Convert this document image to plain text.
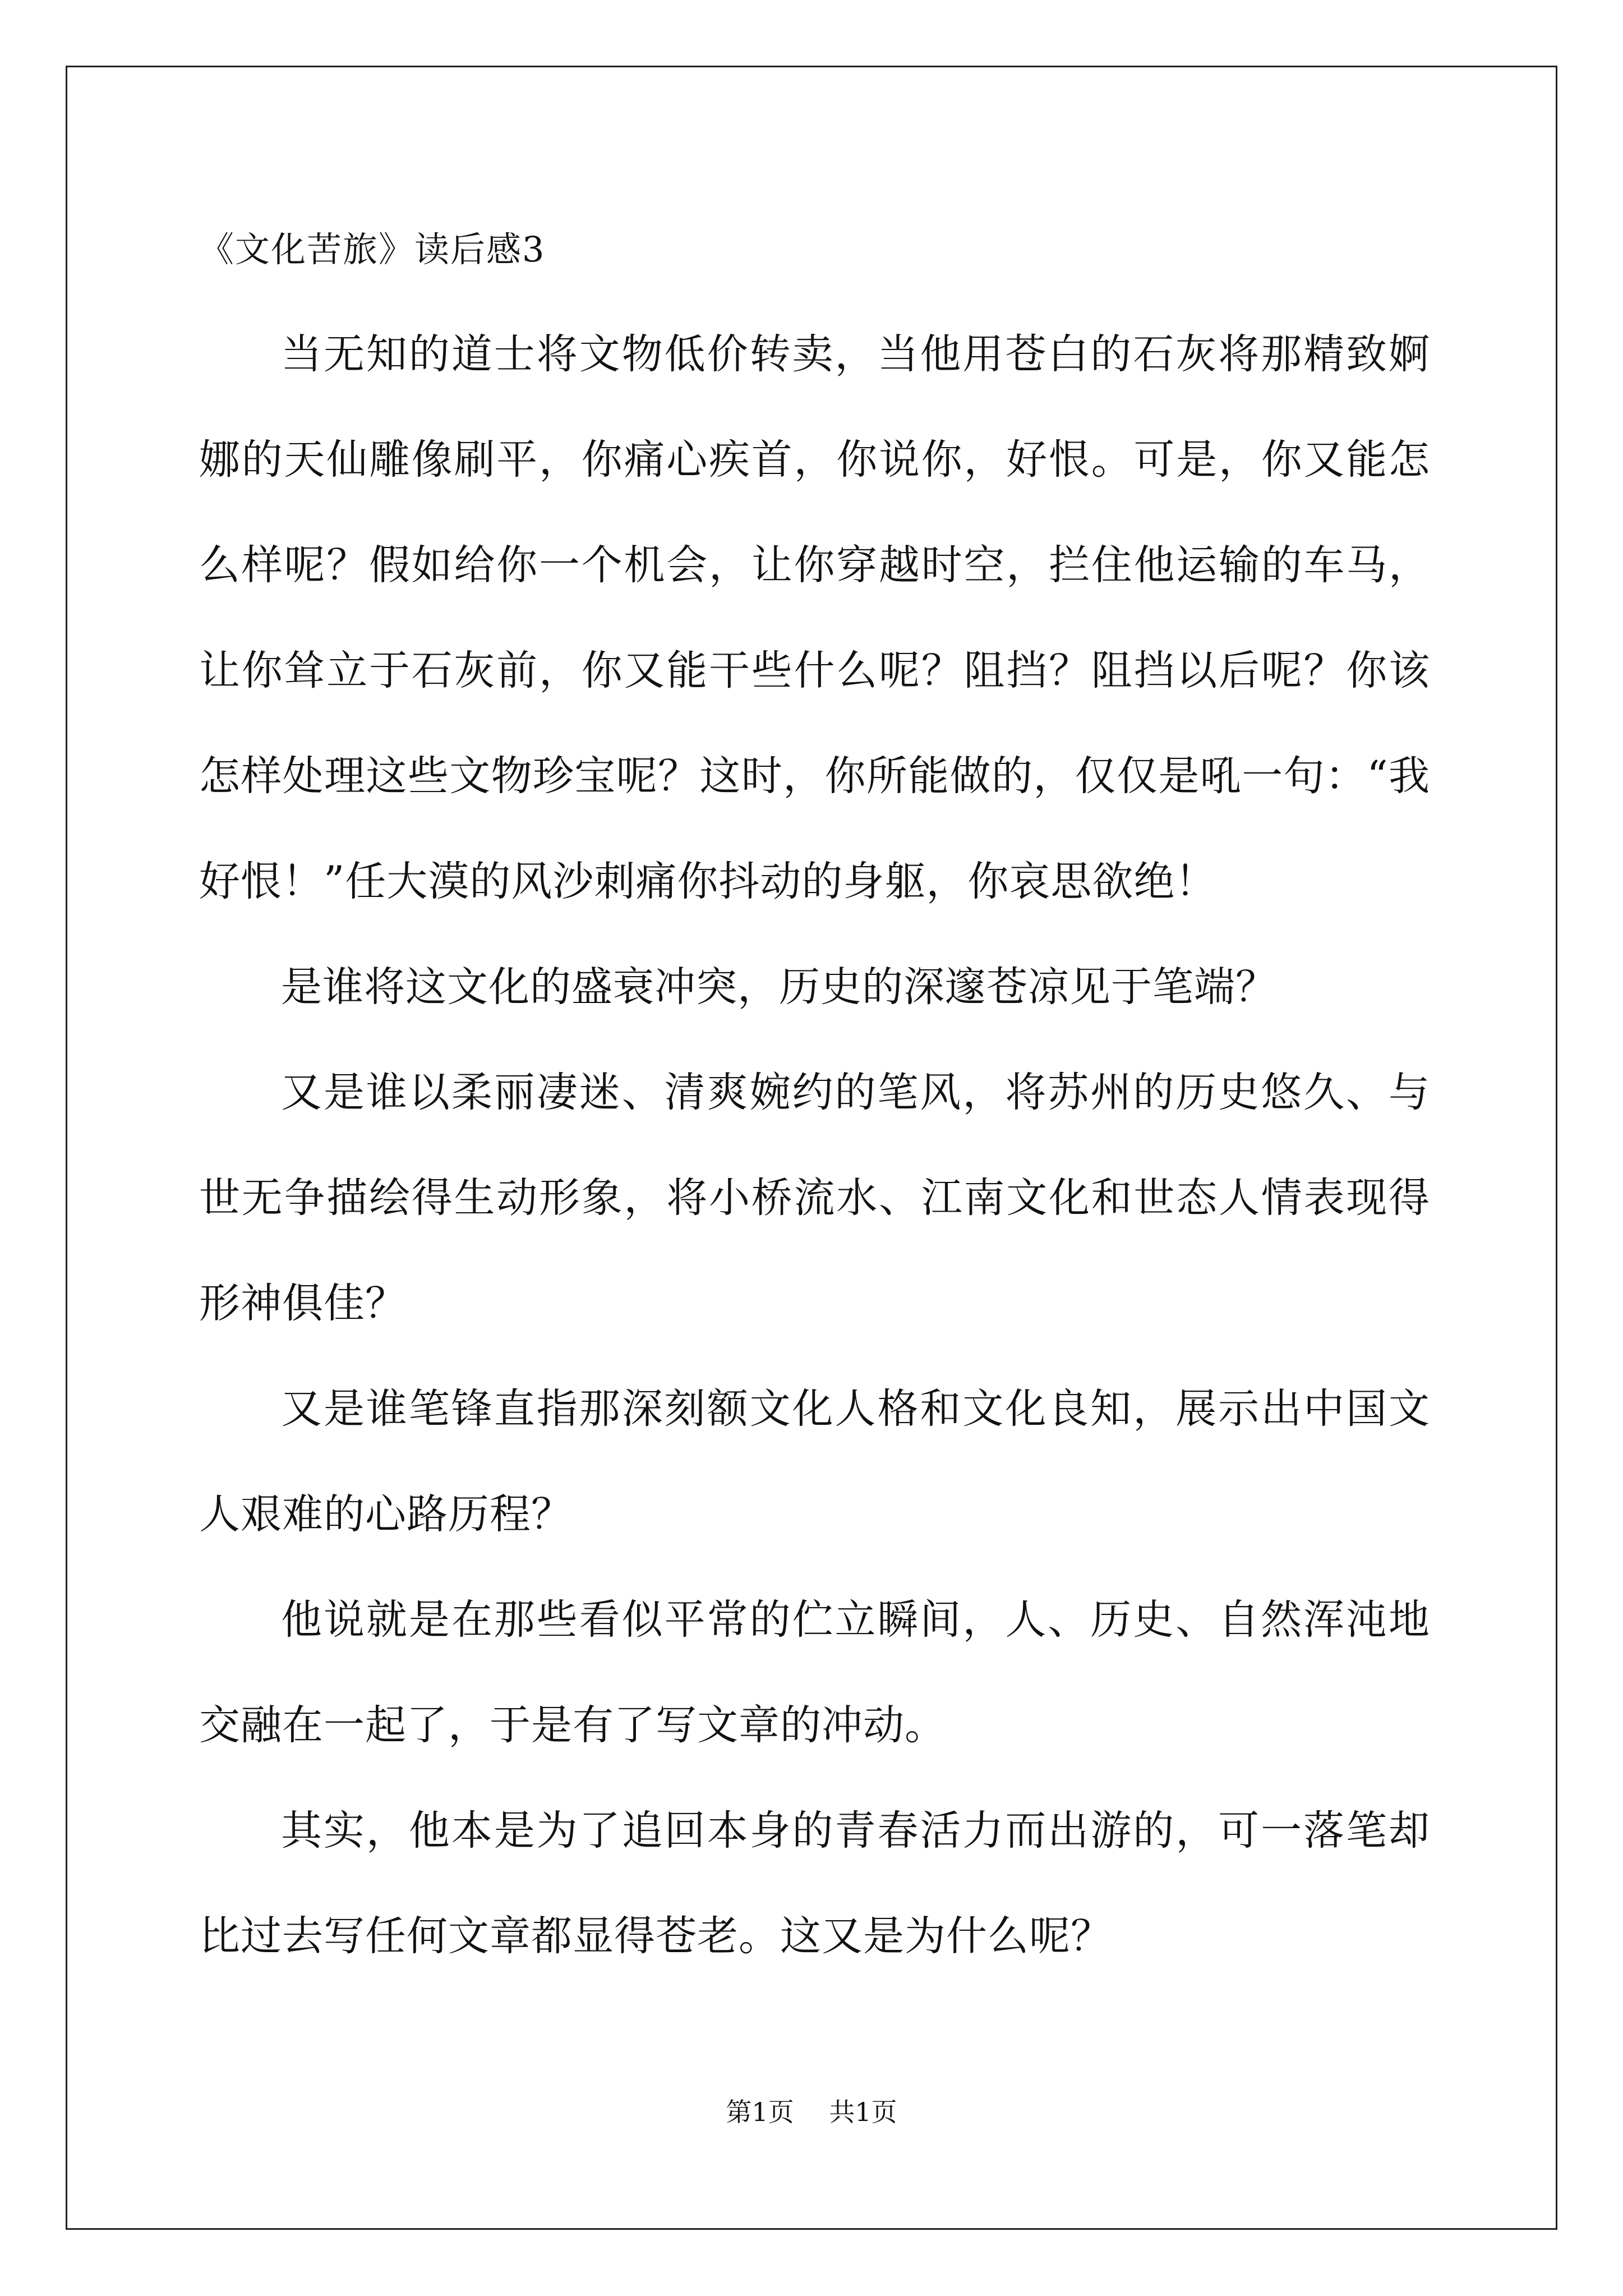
《文化苦旅》读后感3

当无知的道士将文物低价转卖，当他用苍白的石灰将那精致婀娜的天仙雕像刷平，你痛心疾首，你说你，好恨。可是，你又能怎么样呢？假如给你一个机会，让你穿越时空，拦住他运输的车马，让你耸立于石灰前，你又能干些什么呢？阻挡？阻挡以后呢？你该怎样处理这些文物珍宝呢？这时，你所能做的，仅仅是吼一句：“我好恨！”任大漠的风沙刺痛你抖动的身躯，你哀思欲绝！

是谁将这文化的盛衰冲突，历史的深邃苍凉见于笔端？

又是谁以柔丽凄迷、清爽婉约的笔风，将苏州的历史悠久、与世无争描绘得生动形象，将小桥流水、江南文化和世态人情表现得形神俱佳？

又是谁笔锋直指那深刻额文化人格和文化良知，展示出中国文人艰难的心路历程？

他说就是在那些看似平常的伫立瞬间，人、历史、自然浑沌地交融在一起了，于是有了写文章的冲动。

其实，他本是为了追回本身的青春活力而出游的，可一落笔却比过去写任何文章都显得苍老。这又是为什么呢？

第1页 共1页
